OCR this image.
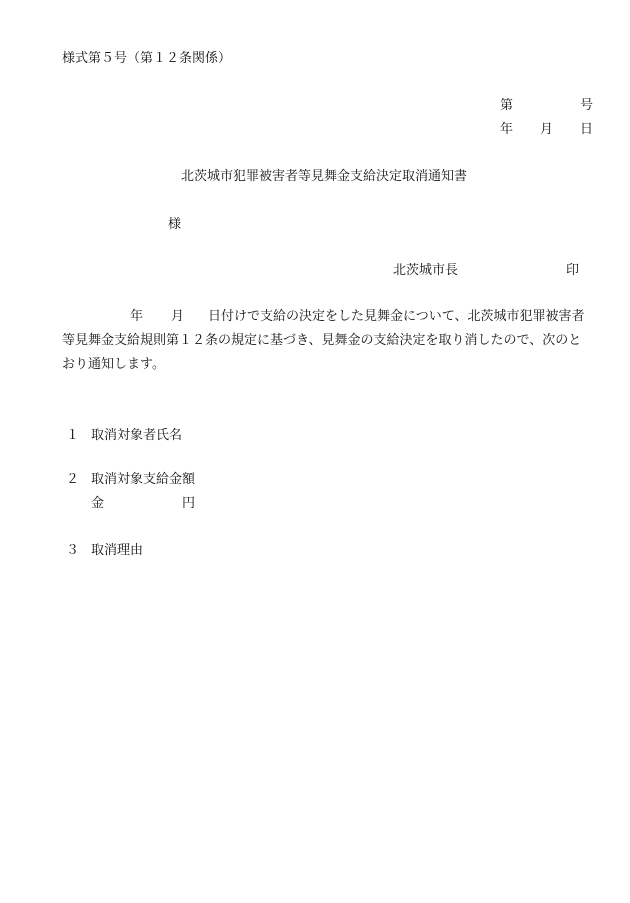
様式第５号（第１２条関係）
第	号
年 月 日
北茨城市犯罪被害者等見舞金支給決定取消通知書
様
北茨城市長	印
年 月 日付けで支給の決定をした見舞金について、北茨城市犯罪被害者
等見舞金支給規則第１２条の規定に基づき、見舞金の支給決定を取り消したので、次のと
おり通知します。
１ 取消対象者氏名
２ 取消対象支給金額
金	円
３ 取消理由
